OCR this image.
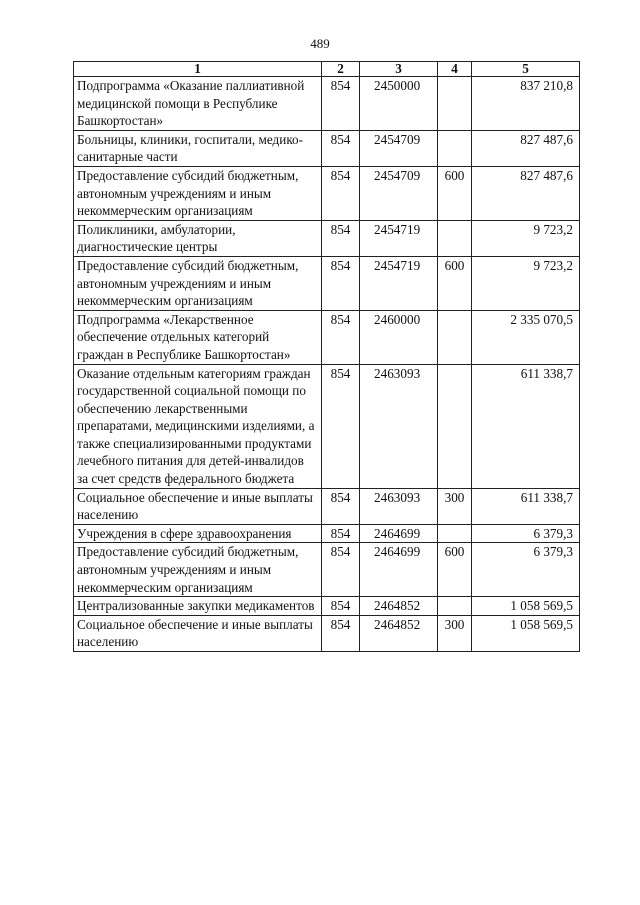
489
1	2	3	4	5
Подпрограмма «Оказание паллиативной медицинской помощи в Республике Башкортостан»	854	2450000		837 210,8
Больницы, клиники, госпитали, медико-санитарные части	854	2454709		827 487,6
Предоставление субсидий бюджетным, автономным учреждениям и иным некоммерческим организациям	854	2454709	600	827 487,6
Поликлиники, амбулатории, диагностические центры	854	2454719		9 723,2
Предоставление субсидий бюджетным, автономным учреждениям и иным некоммерческим организациям	854	2454719	600	9 723,2
Подпрограмма «Лекарственное обеспечение отдельных категорий граждан в Республике Башкортостан»	854	2460000		2 335 070,5
Оказание отдельным категориям граждан государственной социальной помощи по обеспечению лекарственными препаратами, медицинскими изделиями, а также специализированными продуктами лечебного питания для детей-инвалидов за счет средств федерального бюджета	854	2463093		611 338,7
Социальное обеспечение и иные выплаты населению	854	2463093	300	611 338,7
Учреждения в сфере здравоохранения	854	2464699		6 379,3
Предоставление субсидий бюджетным, автономным учреждениям и иным некоммерческим организациям	854	2464699	600	6 379,3
Централизованные закупки медикаментов	854	2464852		1 058 569,5
Социальное обеспечение и иные выплаты населению	854	2464852	300	1 058 569,5
